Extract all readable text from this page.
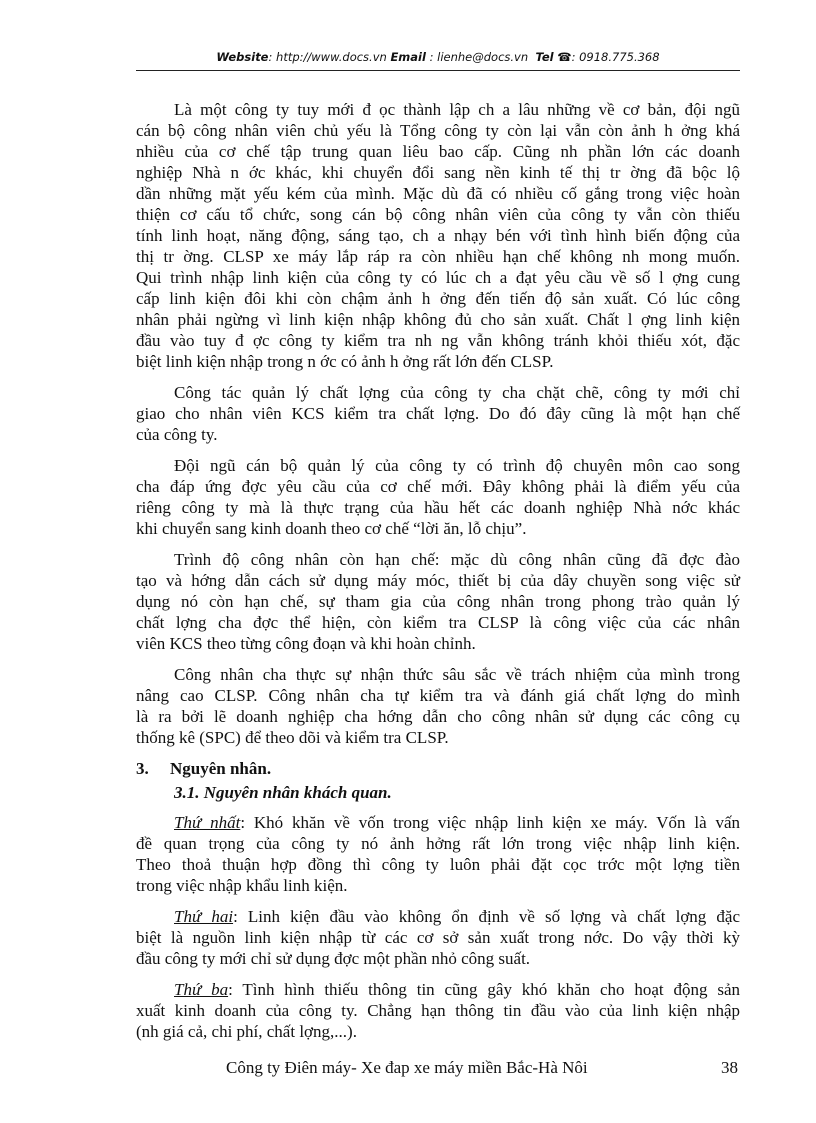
Website: http://www.docs.vn Email : lienhe@docs.vn Tel ☎: 0918.775.368
Là một công ty tuy mới đ ọc thành lập ch a lâu những về cơ bản, đội ngũ
cán bộ công nhân viên chủ yếu là Tổng công ty còn lại vẫn còn ảnh h ởng khá
nhiều của cơ chế tập trung quan liêu bao cấp. Cũng nh phần lớn các doanh
nghiệp Nhà n ớc khác, khi chuyển đổi sang nền kinh tế thị tr ờng đã bộc lộ
dần những mặt yếu kém của mình. Mặc dù đã có nhiều cố gắng trong việc hoàn
thiện cơ cấu tổ chức, song cán bộ công nhân viên của công ty vẫn còn thiếu
tính linh hoạt, năng động, sáng tạo, ch a nhạy bén với tình hình biến động của
thị tr ờng. CLSP xe máy lắp ráp ra còn nhiều hạn chế không nh mong muốn.
Qui trình nhập linh kiện của công ty có lúc ch a đạt yêu cầu về số l ợng cung
cấp linh kiện đôi khi còn chậm ảnh h ởng đến tiến độ sản xuất. Có lúc công
nhân phải ngừng vì linh kiện nhập không đủ cho sản xuất. Chất l ợng linh kiện
đầu vào tuy đ ợc công ty kiểm tra nh ng vẫn không tránh khỏi thiếu xót, đặc
biệt linh kiện nhập trong n ớc có ảnh h ởng rất lớn đến CLSP.
Công tác quản lý chất lợng của công ty cha chặt chẽ, công ty mới chỉ
giao cho nhân viên KCS kiểm tra chất lợng. Do đó đây cũng là một hạn chế
của công ty.
Đội ngũ cán bộ quản lý của công ty có trình độ chuyên môn cao song
cha đáp ứng đợc yêu cầu của cơ chế mới. Đây không phải là điểm yếu của
riêng công ty mà là thực trạng của hầu hết các doanh nghiệp Nhà nớc khác
khi chuyển sang kinh doanh theo cơ chế “lời ăn, lỗ chịu”.
Trình độ công nhân còn hạn chế: mặc dù công nhân cũng đã đợc đào
tạo và hớng dẫn cách sử dụng máy móc, thiết bị của dây chuyền song việc sử
dụng nó còn hạn chế, sự tham gia của công nhân trong phong trào quản lý
chất lợng cha đợc thể hiện, còn kiểm tra CLSP là công việc của các nhân
viên KCS theo từng công đoạn và khi hoàn chỉnh.
Công nhân cha thực sự nhận thức sâu sắc về trách nhiệm của mình trong
nâng cao CLSP. Công nhân cha tự kiểm tra và đánh giá chất lợng do mình
là ra bởi lẽ doanh nghiệp cha hớng dẫn cho công nhân sử dụng các công cụ
thống kê (SPC) để theo dõi và kiểm tra CLSP.
3. Nguyên nhân.
3.1. Nguyên nhân khách quan.
Thứ nhất: Khó khăn về vốn trong việc nhập linh kiện xe máy. Vốn là vấn
đề quan trọng của công ty nó ảnh hởng rất lớn trong việc nhập linh kiện.
Theo thoả thuận hợp đồng thì công ty luôn phải đặt cọc trớc một lợng tiền
trong việc nhập khẩu linh kiện.
Thứ hai: Linh kiện đầu vào không ổn định về số lợng và chất lợng đặc
biệt là nguồn linh kiện nhập từ các cơ sở sản xuất trong nớc. Do vậy thời kỳ
đầu công ty mới chỉ sử dụng đợc một phần nhỏ công suất.
Thứ ba: Tình hình thiếu thông tin cũng gây khó khăn cho hoạt động sản
xuất kinh doanh của công ty. Chẳng hạn thông tin đầu vào của linh kiện nhập
(nh giá cả, chi phí, chất lợng,...).
Công ty Điên máy- Xe đap xe máy miền Bắc-Hà Nôi	38
